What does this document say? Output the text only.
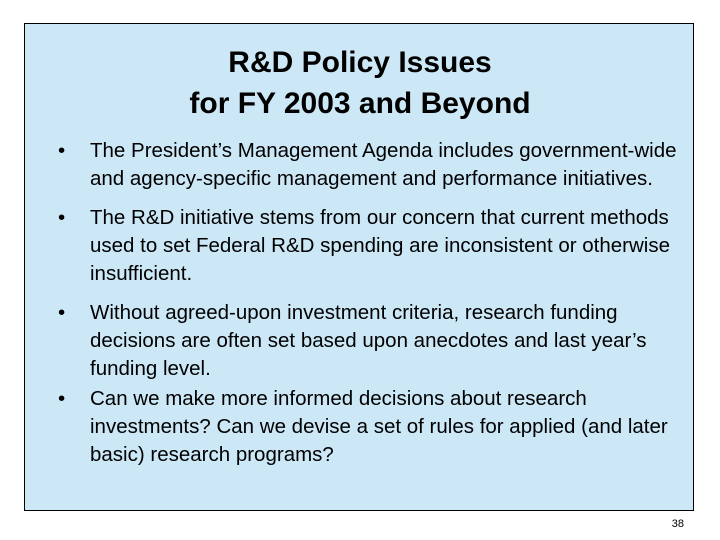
R&D Policy Issues
for FY 2003 and Beyond
•	The President’s Management Agenda includes government-wide and agency-specific management and performance initiatives.
•	The R&D initiative stems from our concern that current methods used to set Federal R&D spending are inconsistent or otherwise insufficient.
•	Without agreed-upon investment criteria, research funding decisions are often set based upon anecdotes and last year’s funding level.
•	Can we make more informed decisions about research investments? Can we devise a set of rules for applied (and later basic) research programs?
38
